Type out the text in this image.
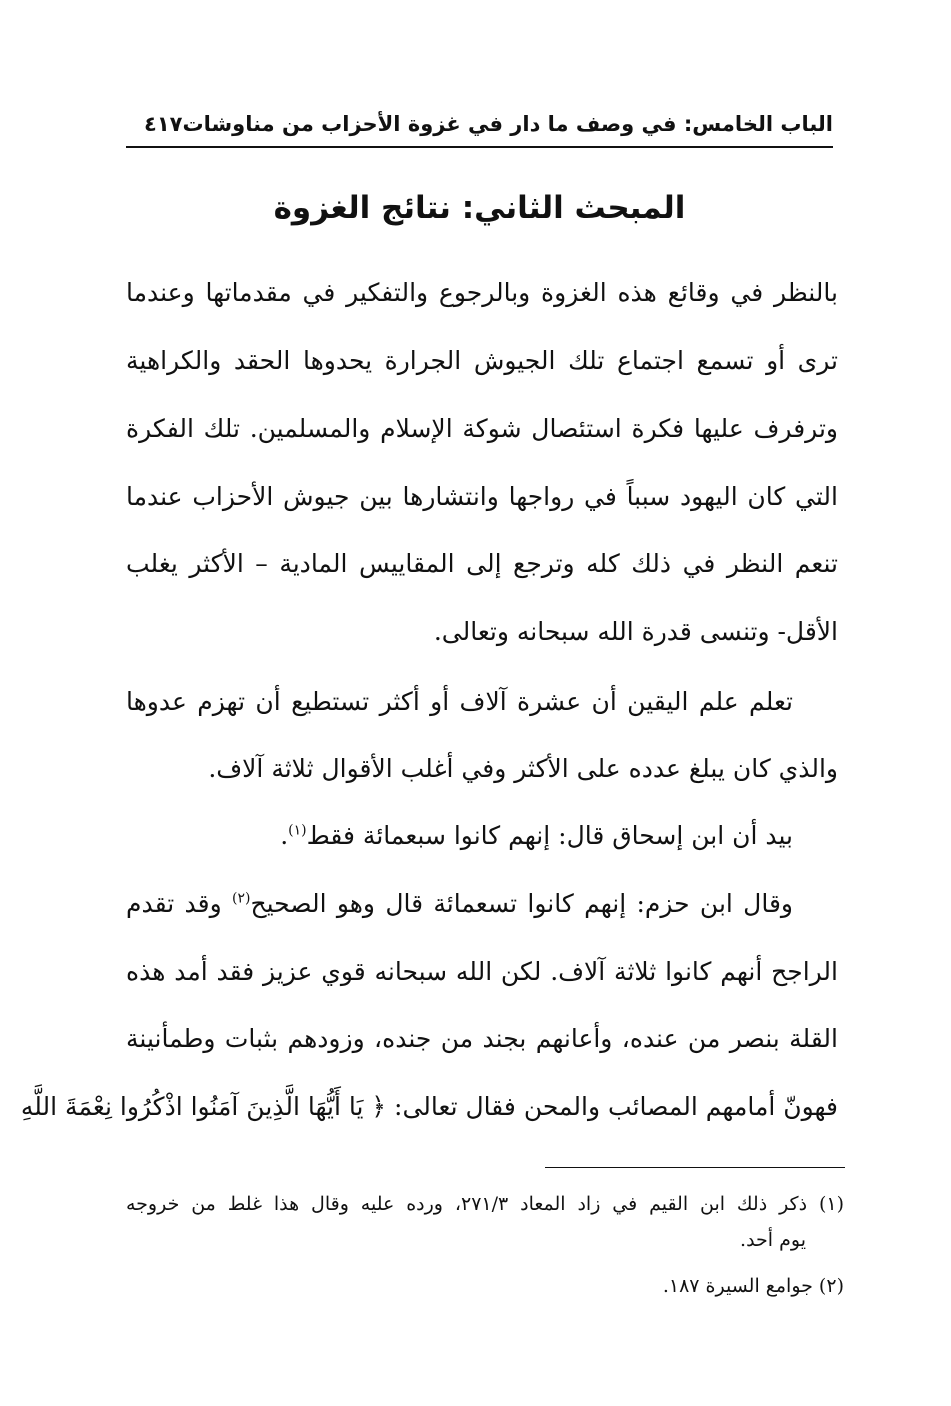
الباب الخامس: في وصف ما دار في غزوة الأحزاب من مناوشات
٤١٧
المبحث الثاني: نتائج الغزوة
بالنظر في وقائع هذه الغزوة وبالرجوع والتفكير في مقدماتها وعندما
ترى أو تسمع اجتماع تلك الجيوش الجرارة يحدوها الحقد والكراهية
وترفرف عليها فكرة استئصال شوكة الإسلام والمسلمين. تلك الفكرة
التي كان اليهود سبباً في رواجها وانتشارها بين جيوش الأحزاب عندما
تنعم النظر في ذلك كله وترجع إلى المقاييس المادية – الأكثر يغلب
الأقل- وتنسى قدرة الله سبحانه وتعالى.
تعلم علم اليقين أن عشرة آلاف أو أكثر تستطيع أن تهزم عدوها
والذي كان يبلغ عدده على الأكثر وفي أغلب الأقوال ثلاثة آلاف.
بيد أن ابن إسحاق قال: إنهم كانوا سبعمائة فقط$^{(١)}$.
وقال ابن حزم: إنهم كانوا تسعمائة قال وهو الصحيح$^{(٢)}$ وقد تقدم
الراجح أنهم كانوا ثلاثة آلاف. لكن الله سبحانه قوي عزيز فقد أمد هذه
القلة بنصر من عنده، وأعانهم بجند من جنده، وزودهم بثبات وطمأنينة
فهونّ أمامهم المصائب والمحن فقال تعالى: ﴿ يَا أَيُّهَا الَّذِينَ آمَنُوا اذْكُرُوا نِعْمَةَ اللَّهِ
(١) ذكر ذلك ابن القيم في زاد المعاد ٢٧١/٣، ورده عليه وقال هذا غلط من خروجه
يوم أحد.
(٢) جوامع السيرة ١٨٧.
